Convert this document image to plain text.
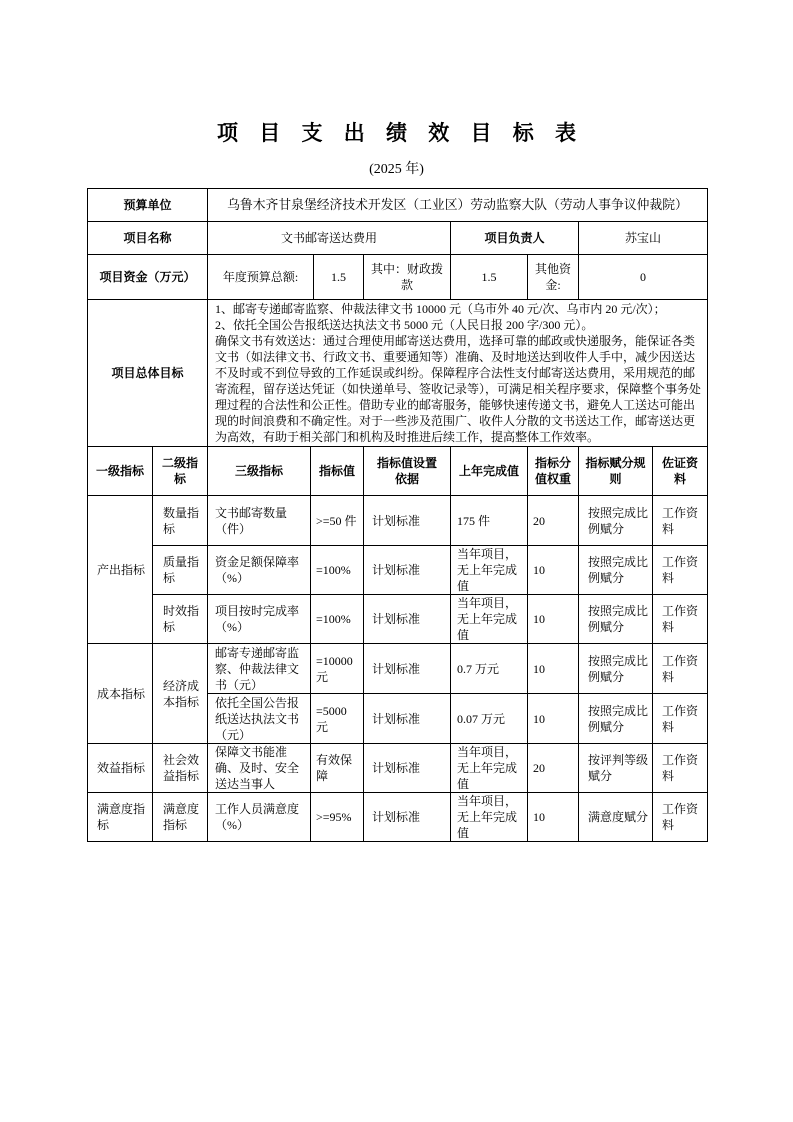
项 目 支 出 绩 效 目 标 表
(2025 年)
预算单位	乌鲁木齐甘泉堡经济技术开发区（工业区）劳动监察大队（劳动人事争议仲裁院）					
项目名称	文书邮寄送达费用			项目负责人		苏宝山
项目资金（万元）	年度预算总额:	1.5	其中：财政拨款	1.5	其他资金:	0
项目总体目标	1、邮寄专递邮寄监察、仲裁法律文书 10000 元（乌市外 40 元/次、乌市内 20 元/次）；
2、依托全国公告报纸送达执法文书 5000 元（人民日报 200 字/300 元）。
确保文书有效送达：通过合理使用邮寄送达费用，选择可靠的邮政或快递服务，能保证各类文书（如法律文书、行政文书、重要通知等）准确、及时地送达到收件人手中，减少因送达不及时或不到位导致的工作延误或纠纷。保障程序合法性支付邮寄送达费用，采用规范的邮寄流程，留存送达凭证（如快递单号、签收记录等），可满足相关程序要求，保障整个事务处理过程的合法性和公正性。借助专业的邮寄服务，能够快速传递文书，避免人工送达可能出现的时间浪费和不确定性。对于一些涉及范围广、收件人分散的文书送达工作，邮寄送达更为高效，有助于相关部门和机构及时推进后续工作，提高整体工作效率。					
一级指标	二级指标	三级指标	指标值	指标值设置依据	上年完成值	指标分值权重	指标赋分规则	佐证资料
产出指标	数量指标	文书邮寄数量（件）	>=50 件	计划标准	175 件	20	按照完成比例赋分	工作资料
	质量指标	资金足额保障率（%）	=100%	计划标准	当年项目，无上年完成值	10	按照完成比例赋分	工作资料
	时效指标	项目按时完成率（%）	=100%	计划标准	当年项目，无上年完成值	10	按照完成比例赋分	工作资料
成本指标	经济成本指标	邮寄专递邮寄监察、仲裁法律文书（元）	=10000 元	计划标准	0.7 万元	10	按照完成比例赋分	工作资料
		依托全国公告报纸送达执法文书（元）	=5000 元	计划标准	0.07 万元	10	按照完成比例赋分	工作资料
效益指标	社会效益指标	保障文书能准确、及时、安全送达当事人	有效保障	计划标准	当年项目，无上年完成值	20	按评判等级赋分	工作资料
满意度指标	满意度指标	工作人员满意度（%）	>=95%	计划标准	当年项目，无上年完成值	10	满意度赋分	工作资料
